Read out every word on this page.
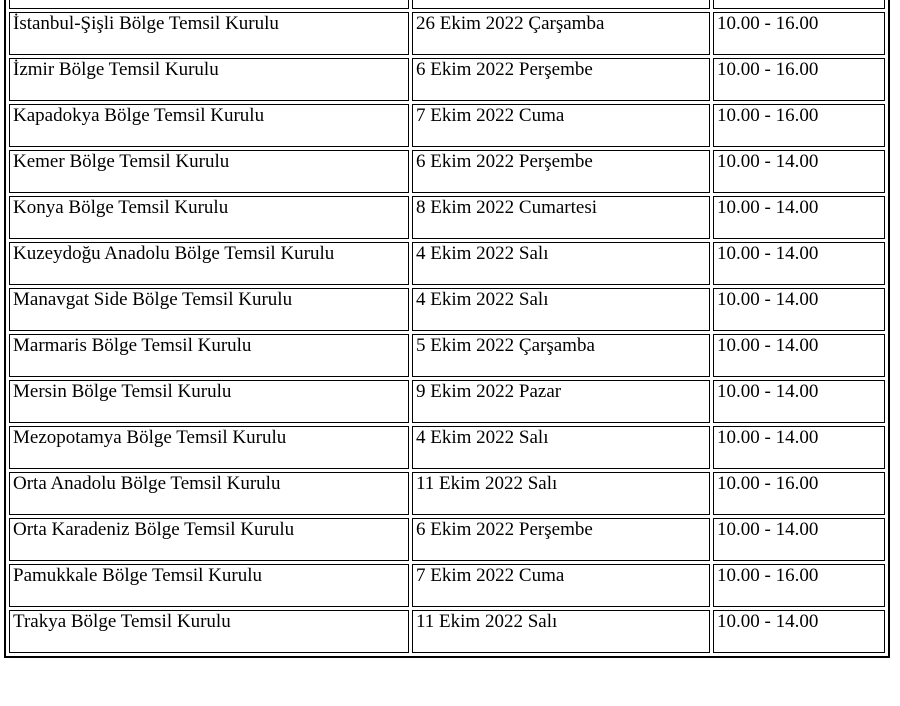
İstanbul-Şişli Bölge Temsil Kurulu	26 Ekim 2022 Çarşamba	10.00 - 16.00
İzmir Bölge Temsil Kurulu	6 Ekim 2022 Perşembe	10.00 - 16.00
Kapadokya Bölge Temsil Kurulu	7 Ekim 2022 Cuma	10.00 - 16.00
Kemer Bölge Temsil Kurulu	6 Ekim 2022 Perşembe	10.00 - 14.00
Konya Bölge Temsil Kurulu	8 Ekim 2022 Cumartesi	10.00 - 14.00
Kuzeydoğu Anadolu Bölge Temsil Kurulu	4 Ekim 2022 Salı	10.00 - 14.00
Manavgat Side Bölge Temsil Kurulu	4 Ekim 2022 Salı	10.00 - 14.00
Marmaris Bölge Temsil Kurulu	5 Ekim 2022 Çarşamba	10.00 - 14.00
Mersin Bölge Temsil Kurulu	9 Ekim 2022 Pazar	10.00 - 14.00
Mezopotamya Bölge Temsil Kurulu	4 Ekim 2022 Salı	10.00 - 14.00
Orta Anadolu Bölge Temsil Kurulu	11 Ekim 2022 Salı	10.00 - 16.00
Orta Karadeniz Bölge Temsil Kurulu	6 Ekim 2022 Perşembe	10.00 - 14.00
Pamukkale Bölge Temsil Kurulu	7 Ekim 2022 Cuma	10.00 - 16.00
Trakya Bölge Temsil Kurulu	11 Ekim 2022 Salı	10.00 - 14.00
